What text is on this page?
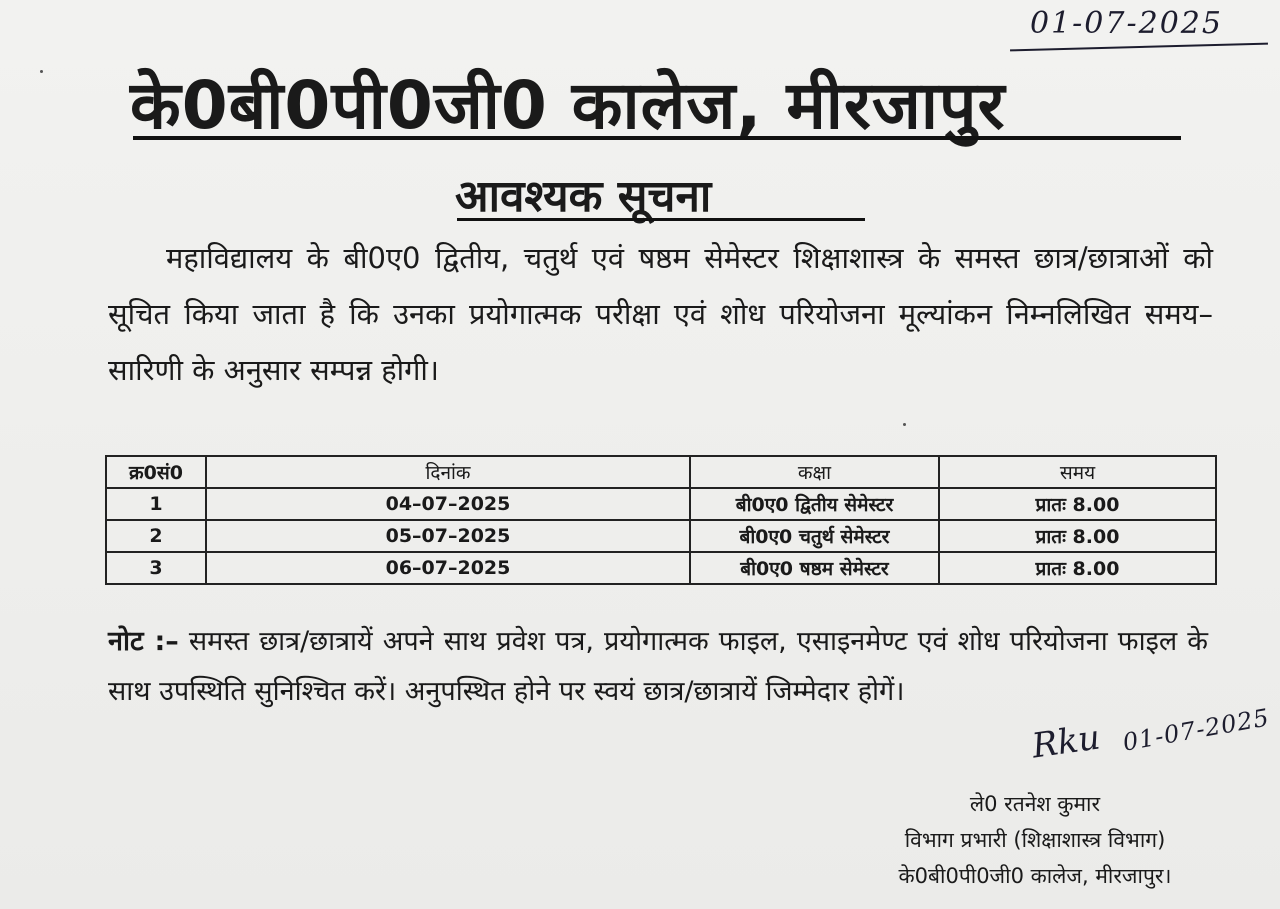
01-07-2025
के0बी0पी0जी0 कालेज, मीरजापुर
आवश्यक सूचना

महाविद्यालय के बी0ए0 द्वितीय, चतुर्थ एवं षष्ठम सेमेस्टर शिक्षाशास्त्र के समस्त छात्र/छात्राओं को सूचित किया जाता है कि उनका प्रयोगात्मक परीक्षा एवं शोध परियोजना मूल्यांकन निम्नलिखित समय–सारिणी के अनुसार सम्पन्न होगी।

क्र0सं0	दिनांक	कक्षा	समय
1	04–07–2025	बी0ए0 द्वितीय सेमेस्टर	प्रातः 8.00
2	05–07–2025	बी0ए0 चतुर्थ सेमेस्टर	प्रातः 8.00
3	06–07–2025	बी0ए0 षष्ठम सेमेस्टर	प्रातः 8.00

नोट :– समस्त छात्र/छात्रायें अपने साथ प्रवेश पत्र, प्रयोगात्मक फाइल, एसाइनमेण्ट एवं शोध परियोजना फाइल के साथ उपस्थिति सुनिश्चित करें। अनुपस्थित होने पर स्वयं छात्र/छात्रायें जिम्मेदार होगें।

Rku 01-07-2025
ले0 रतनेश कुमार
विभाग प्रभारी (शिक्षाशास्त्र विभाग)
के0बी0पी0जी0 कालेज, मीरजापुर।
